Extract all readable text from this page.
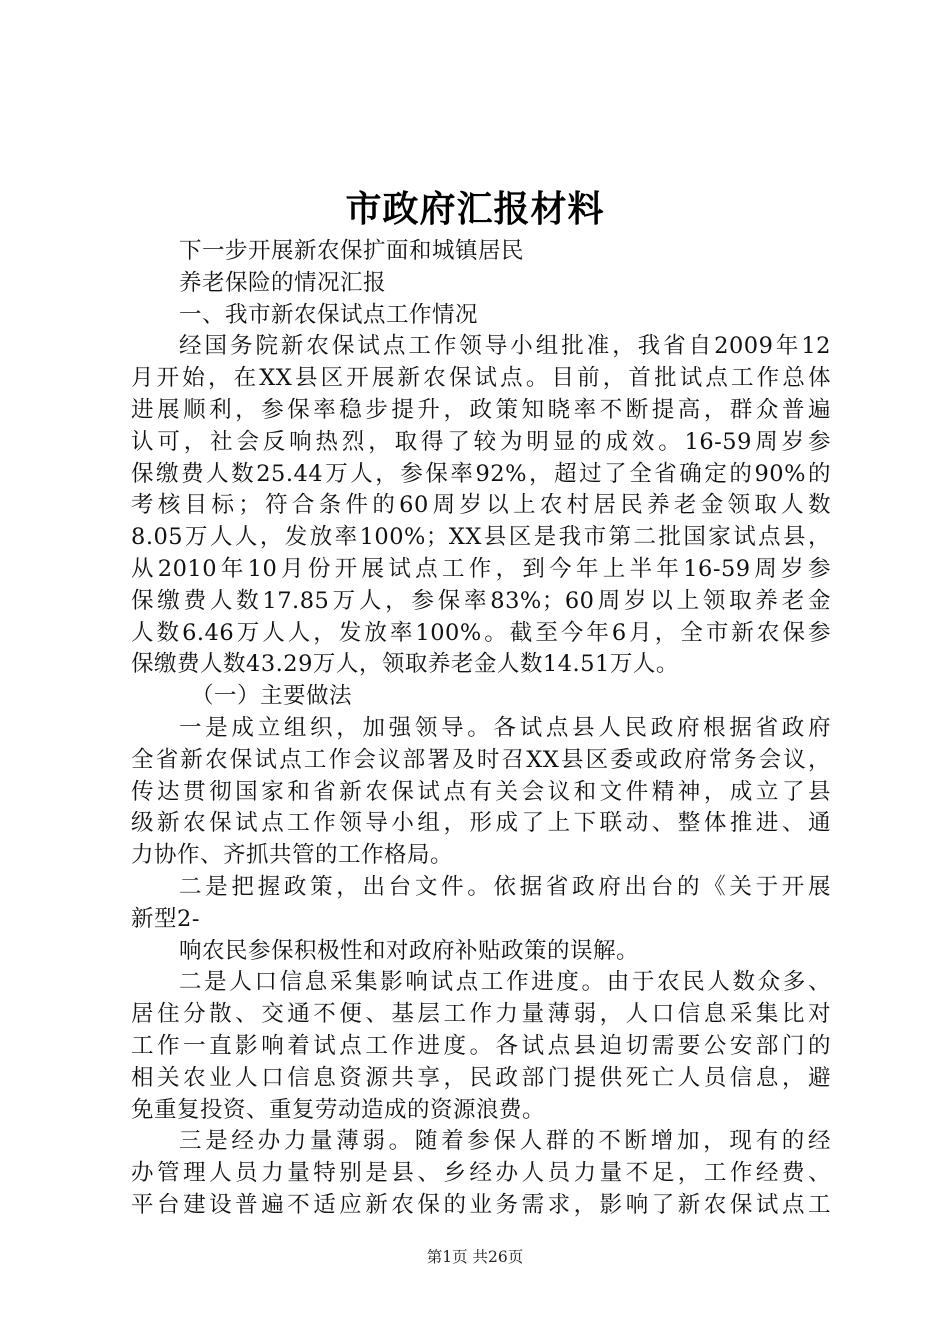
市政府汇报材料
下一步开展新农保扩面和城镇居民
养老保险的情况汇报
一、我市新农保试点工作情况
经国务院新农保试点工作领导小组批准，我省自2009年12
月开始，在XX县区开展新农保试点。目前，首批试点工作总体
进展顺利，参保率稳步提升，政策知晓率不断提高，群众普遍
认可，社会反响热烈，取得了较为明显的成效。16-59周岁参
保缴费人数25.44万人，参保率92%，超过了全省确定的90%的
考核目标；符合条件的60周岁以上农村居民养老金领取人数
8.05万人人，发放率100%；XX县区是我市第二批国家试点县，
从2010年10月份开展试点工作，到今年上半年16-59周岁参
保缴费人数17.85万人，参保率83%；60周岁以上领取养老金
人数6.46万人人，发放率100%。截至今年6月，全市新农保参
保缴费人数43.29万人，领取养老金人数14.51万人。
（一）主要做法
一是成立组织，加强领导。各试点县人民政府根据省政府
全省新农保试点工作会议部署及时召XX县区委或政府常务会议，
传达贯彻国家和省新农保试点有关会议和文件精神，成立了县
级新农保试点工作领导小组，形成了上下联动、整体推进、通
力协作、齐抓共管的工作格局。
二是把握政策，出台文件。依据省政府出台的《关于开展
新型2-
响农民参保积极性和对政府补贴政策的误解。
二是人口信息采集影响试点工作进度。由于农民人数众多、
居住分散、交通不便、基层工作力量薄弱，人口信息采集比对
工作一直影响着试点工作进度。各试点县迫切需要公安部门的
相关农业人口信息资源共享，民政部门提供死亡人员信息，避
免重复投资、重复劳动造成的资源浪费。
三是经办力量薄弱。随着参保人群的不断增加，现有的经
办管理人员力量特别是县、乡经办人员力量不足，工作经费、
平台建设普遍不适应新农保的业务需求，影响了新农保试点工
第1页 共26页
